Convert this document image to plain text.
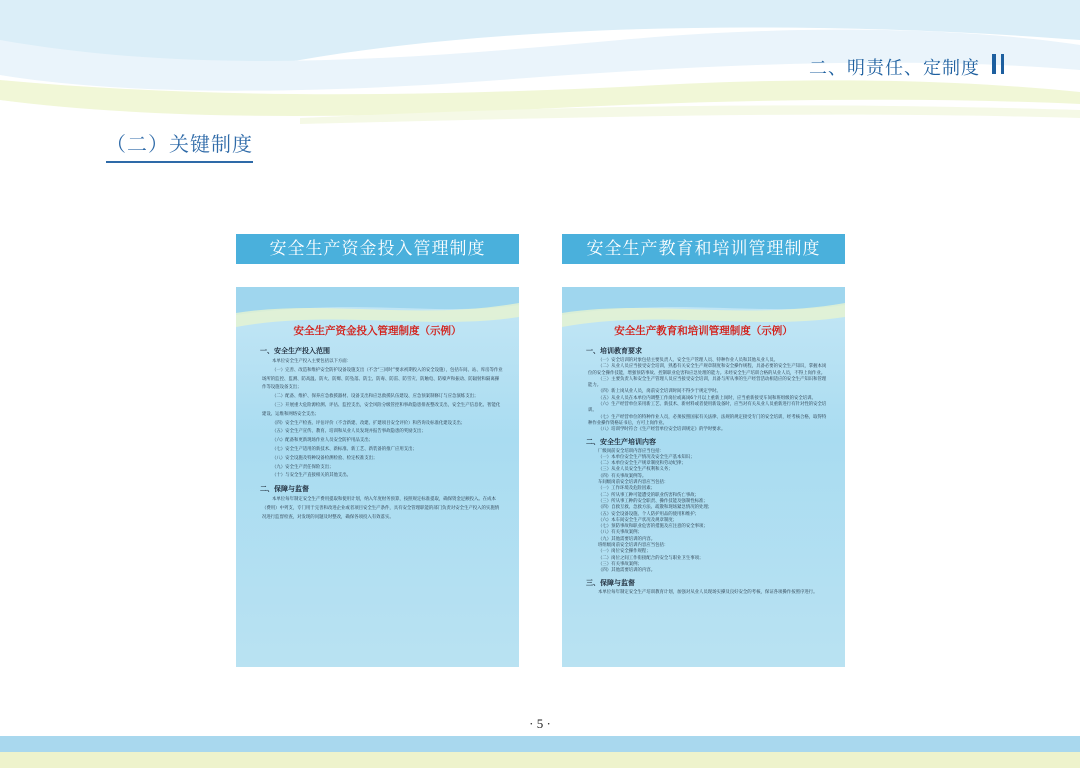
二、明责任、定制度
（二）关键制度
安全生产资金投入管理制度
安全生产资金投入管理制度（示例）
一、安全生产投入范围

本单位安全生产投入主要包括以下方面：

（一）完善、改造和维护安全防护设备设施支出（不含“三同时”要求初期投入的安全设施），包括车间、站、库房等作业场所的监控、监测、防高温、防火、防爆、防坠落、防尘、防毒、防雷、防雪灾、防触电、防噪声和振动、防辐射和隔离操作等设施设备支出；

（二）配备、维护、保养应急救援器材、设备支出和应急救援队伍建设、应急预案制修订与应急演练支出；

（三）开展重大危险源检测、评估、监控支出，安全风险分级管控和事故隐患排查整改支出，安全生产信息化、智能化建设、运维和网络安全支出；

（四）安全生产检查、评估评价（不含新建、改建、扩建项目安全评价）和咨询及标准化建设支出；

（五）安全生产宣传、教育、培训和从业人员发现并报告事故隐患的奖励支出；

（六）配备和更新现场作业人员安全防护用品支出；

（七）安全生产适用的新技术、新标准、新工艺、新装备的推广应用支出；

（八）安全设施及特种设备检测检验、检定校准支出；

（九）安全生产责任保险支出；

（十）与安全生产直接相关的其他支出。

二、保障与监督

本单位每年制定安全生产费用提取和使用计划，纳入年度财务预算，按照规定标准提取，确保资金足额投入。在成本（费用）中列支，专门用于完善和改进企业或者项目安全生产条件，具有安全管理职能的部门负责对安全生产投入的实施情况进行监督检查，对发现的问题及时整改，确保各项投入有效落实。

安全生产教育和培训管理制度
安全生产教育和培训管理制度（示例）
一、培训教育要求

（一）安全培训的对象包括主要负责人、安全生产管理人员、特种作业人员和其他从业人员。

（二）从业人员应当接受安全培训，熟悉有关安全生产规章制度和安全操作规程，具备必要的安全生产知识，掌握本岗位的安全操作技能，增强预防事故、控制职业危害和应急处理的能力。未经安全生产培训合格的从业人员，不得上岗作业。

（三）主要负责人和安全生产管理人员应当接受安全培训，具备与所从事的生产经营活动相适应的安全生产知识和管理能力。

（四）新上岗从业人员，岗前安全培训时间不得少于规定学时。

（五）从业人员在本单位内调整工作岗位或离岗6个月以上重新上岗时，应当重新接受车间和班组级的安全培训。

（六）生产经营单位采用新工艺、新技术、新材料或者使用新设备时，应当对有关从业人员重新进行有针对性的安全培训。

（七）生产经营单位的特种作业人员，必须按照国家有关法律、法规的规定接受专门的安全培训，经考核合格，取得特种作业操作资格证书后，方可上岗作业。

（八）培训学时符合《生产经营单位安全培训规定》的学时要求。

二、安全生产培训内容

厂级岗前安全培训内容应当包括：

（一）本单位安全生产情况及安全生产基本知识；

（二）本单位安全生产规章制度和劳动纪律；

（三）从业人员安全生产权利和义务；

（四）有关事故案例等。

车间级岗前安全培训内容应当包括：

（一）工作环境及危险因素；

（二）所从事工种可能遭受的职业伤害和伤亡事故；

（三）所从事工种的安全职责、操作技能及强制性标准；

（四）自救互救、急救方法、疏散和现场紧急情况的处理；

（五）安全设备设施、个人防护用品的使用和维护；

（六）本车间安全生产状况及规章制度；

（七）预防事故和职业危害的措施及应注意的安全事项；

（八）有关事故案例；

（九）其他需要培训的内容。

班组级岗前安全培训内容应当包括：

（一）岗位安全操作规程；

（二）岗位之间工作衔接配合的安全与职业卫生事项；

（三）有关事故案例；

（四）其他需要培训的内容。

三、保障与监督

本单位每年制定安全生产培训教育计划，加强对从业人员现场实操及良好安全的考核，保证各项操作按照序进行。

· 5 ·
